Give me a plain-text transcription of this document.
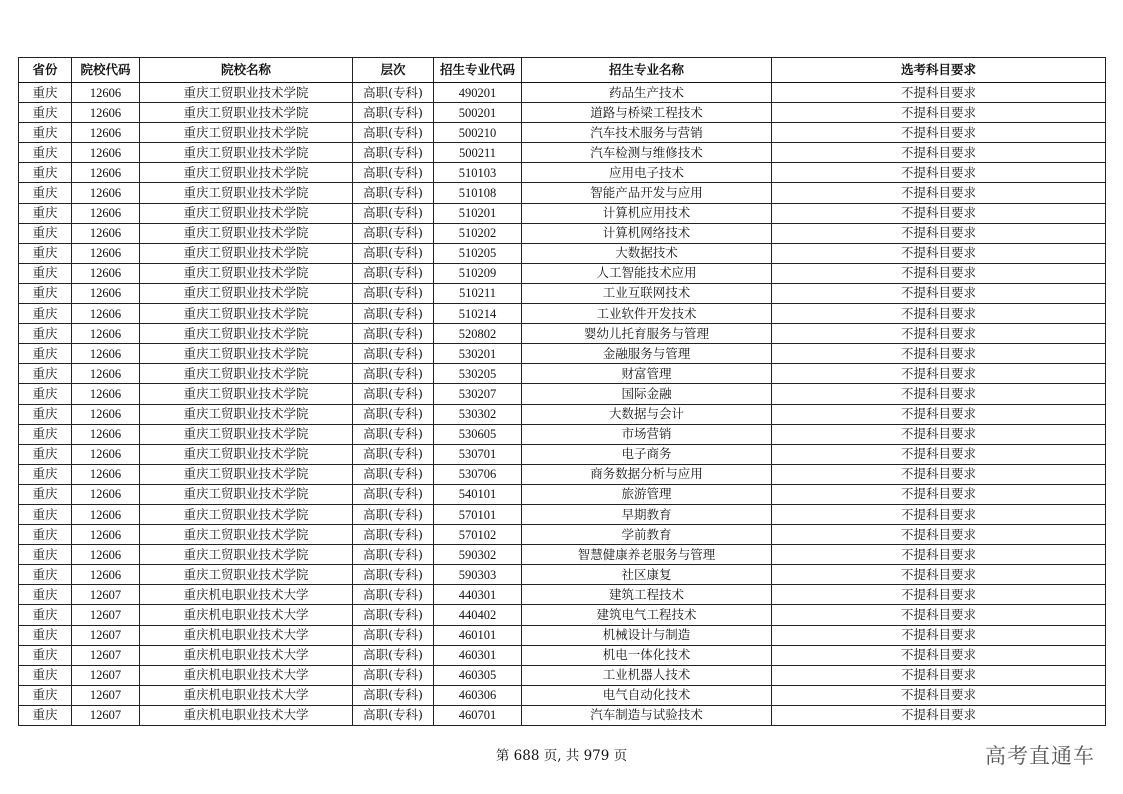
省份	院校代码	院校名称	层次	招生专业代码	招生专业名称	选考科目要求
重庆	12606	重庆工贸职业技术学院	高职(专科)	490201	药品生产技术	不提科目要求
重庆	12606	重庆工贸职业技术学院	高职(专科)	500201	道路与桥梁工程技术	不提科目要求
重庆	12606	重庆工贸职业技术学院	高职(专科)	500210	汽车技术服务与营销	不提科目要求
重庆	12606	重庆工贸职业技术学院	高职(专科)	500211	汽车检测与维修技术	不提科目要求
重庆	12606	重庆工贸职业技术学院	高职(专科)	510103	应用电子技术	不提科目要求
重庆	12606	重庆工贸职业技术学院	高职(专科)	510108	智能产品开发与应用	不提科目要求
重庆	12606	重庆工贸职业技术学院	高职(专科)	510201	计算机应用技术	不提科目要求
重庆	12606	重庆工贸职业技术学院	高职(专科)	510202	计算机网络技术	不提科目要求
重庆	12606	重庆工贸职业技术学院	高职(专科)	510205	大数据技术	不提科目要求
重庆	12606	重庆工贸职业技术学院	高职(专科)	510209	人工智能技术应用	不提科目要求
重庆	12606	重庆工贸职业技术学院	高职(专科)	510211	工业互联网技术	不提科目要求
重庆	12606	重庆工贸职业技术学院	高职(专科)	510214	工业软件开发技术	不提科目要求
重庆	12606	重庆工贸职业技术学院	高职(专科)	520802	婴幼儿托育服务与管理	不提科目要求
重庆	12606	重庆工贸职业技术学院	高职(专科)	530201	金融服务与管理	不提科目要求
重庆	12606	重庆工贸职业技术学院	高职(专科)	530205	财富管理	不提科目要求
重庆	12606	重庆工贸职业技术学院	高职(专科)	530207	国际金融	不提科目要求
重庆	12606	重庆工贸职业技术学院	高职(专科)	530302	大数据与会计	不提科目要求
重庆	12606	重庆工贸职业技术学院	高职(专科)	530605	市场营销	不提科目要求
重庆	12606	重庆工贸职业技术学院	高职(专科)	530701	电子商务	不提科目要求
重庆	12606	重庆工贸职业技术学院	高职(专科)	530706	商务数据分析与应用	不提科目要求
重庆	12606	重庆工贸职业技术学院	高职(专科)	540101	旅游管理	不提科目要求
重庆	12606	重庆工贸职业技术学院	高职(专科)	570101	早期教育	不提科目要求
重庆	12606	重庆工贸职业技术学院	高职(专科)	570102	学前教育	不提科目要求
重庆	12606	重庆工贸职业技术学院	高职(专科)	590302	智慧健康养老服务与管理	不提科目要求
重庆	12606	重庆工贸职业技术学院	高职(专科)	590303	社区康复	不提科目要求
重庆	12607	重庆机电职业技术大学	高职(专科)	440301	建筑工程技术	不提科目要求
重庆	12607	重庆机电职业技术大学	高职(专科)	440402	建筑电气工程技术	不提科目要求
重庆	12607	重庆机电职业技术大学	高职(专科)	460101	机械设计与制造	不提科目要求
重庆	12607	重庆机电职业技术大学	高职(专科)	460301	机电一体化技术	不提科目要求
重庆	12607	重庆机电职业技术大学	高职(专科)	460305	工业机器人技术	不提科目要求
重庆	12607	重庆机电职业技术大学	高职(专科)	460306	电气自动化技术	不提科目要求
重庆	12607	重庆机电职业技术大学	高职(专科)	460701	汽车制造与试验技术	不提科目要求
第 688 页, 共 979 页	高考直通车
